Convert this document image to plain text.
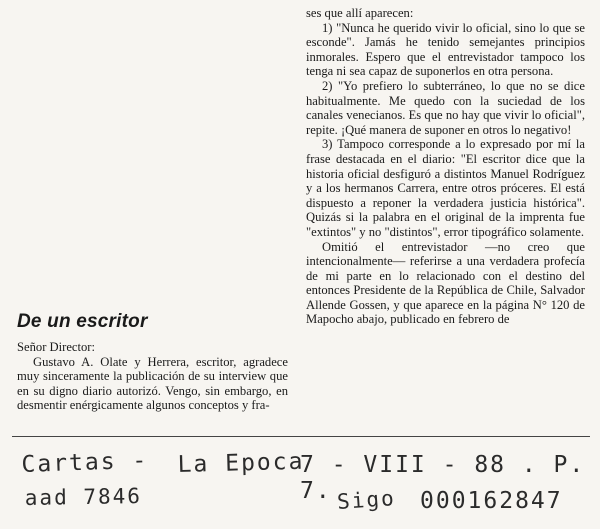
ses que allí aparecen:

1) "Nunca he querido vivir lo oficial, sino lo que se esconde". Jamás he tenido semejantes principios inmorales. Espero que el entrevistador tampoco los tenga ni sea capaz de suponerlos en otra persona.

2) "Yo prefiero lo subterráneo, lo que no se dice habitualmente. Me quedo con la suciedad de los canales venecianos. Es que no hay que vivir lo oficial", repite. ¡Qué manera de suponer en otros lo negativo!

3) Tampoco corresponde a lo expresado por mí la frase destacada en el diario: "El escritor dice que la historia oficial desfiguró a distintos Manuel Rodríguez y a los hermanos Carrera, entre otros próceres. El está dispuesto a reponer la verdadera justicia histórica". Quizás si la palabra en el original de la imprenta fue "extintos" y no "distintos", error tipográfico solamente.

Omitió el entrevistador —no creo que intencionalmente— referirse a una verdadera profecía de mi parte en lo relacionado con el destino del entonces Presidente de la República de Chile, Salvador Allende Gossen, y que aparece en la página N° 120 de Mapocho abajo, publicado en febrero de

De un escritor

Señor Director:

Gustavo A. Olate y Herrera, escritor, agradece muy sinceramente la publicación de su interview que en su digno diario autorizó. Vengo, sin embargo, en desmentir enérgicamente algunos conceptos y fra-

Cartas - La Epoca
7 - VIII - 88 . P. 7.
aad 7846	Sigo 000162847
